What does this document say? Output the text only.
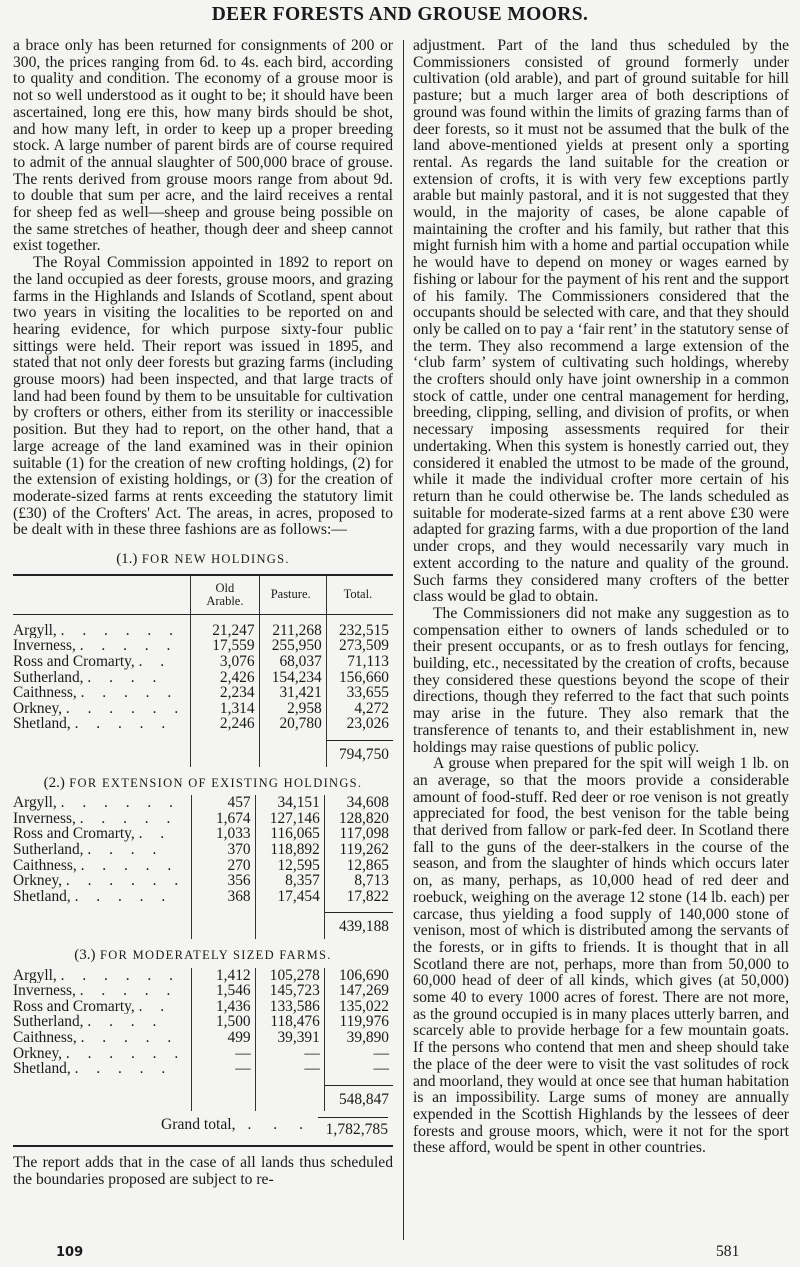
DEER FORESTS AND GROUSE MOORS.

a brace only has been returned for consignments of 200 or 300, the prices ranging from 6d. to 4s. each bird, according to quality and condition. The economy of a grouse moor is not so well understood as it ought to be; it should have been ascertained, long ere this, how many birds should be shot, and how many left, in order to keep up a proper breeding stock. A large number of parent birds are of course required to admit of the annual slaughter of 500,000 brace of grouse. The rents derived from grouse moors range from about 9d. to double that sum per acre, and the laird receives a rental for sheep fed as well—sheep and grouse being possible on the same stretches of heather, though deer and sheep cannot exist together.

The Royal Commission appointed in 1892 to report on the land occupied as deer forests, grouse moors, and grazing farms in the Highlands and Islands of Scotland, spent about two years in visiting the localities to be reported on and hearing evidence, for which purpose sixty-four public sittings were held. Their report was issued in 1895, and stated that not only deer forests but grazing farms (including grouse moors) had been inspected, and that large tracts of land had been found by them to be unsuitable for cultivation by crofters or others, either from its sterility or inaccessible position. But they had to report, on the other hand, that a large acreage of the land examined was in their opinion suitable (1) for the creation of new crofting holdings, (2) for the extension of existing holdings, or (3) for the creation of moderate-sized farms at rents exceeding the statutory limit (£30) of the Crofters' Act. The areas, in acres, proposed to be dealt with in these three fashions are as follows:—

(1.) FOR NEW HOLDINGS.

	Old Arable.	Pasture.	Total.

Argyll, . . . . . .	21,247	211,268	232,515
Inverness, . . . . .	17,559	255,950	273,509
Ross and Cromarty, . .	3,076	68,037	71,113
Sutherland, . . . .	2,426	154,234	156,660
Caithness, . . . . .	2,234	31,421	33,655
Orkney, . . . . . .	1,314	2,958	4,272
Shetland, . . . . .	2,246	20,780	23,026

			794,750

(2.) FOR EXTENSION OF EXISTING HOLDINGS.

Argyll, . . . . . .	457	34,151	34,608
Inverness, . . . . .	1,674	127,146	128,820
Ross and Cromarty, . .	1,033	116,065	117,098
Sutherland, . . . .	370	118,892	119,262
Caithness, . . . . .	270	12,595	12,865
Orkney, . . . . . .	356	8,357	8,713
Shetland, . . . . .	368	17,454	17,822

			439,188

(3.) FOR MODERATELY SIZED FARMS.

Argyll, . . . . . .	1,412	105,278	106,690
Inverness, . . . . .	1,546	145,723	147,269
Ross and Cromarty, . .	1,436	133,586	135,022
Sutherland, . . . .	1,500	118,476	119,976
Caithness, . . . . .	499	39,391	39,890
Orkney, . . . . . .	—	—	—
Shetland, . . . . .	—	—	—

			548,847
Grand total, . . . 1,782,785

The report adds that in the case of all lands thus scheduled the boundaries proposed are subject to re-

adjustment. Part of the land thus scheduled by the Commissioners consisted of ground formerly under cultivation (old arable), and part of ground suitable for hill pasture; but a much larger area of both descriptions of ground was found within the limits of grazing farms than of deer forests, so it must not be assumed that the bulk of the land above-mentioned yields at present only a sporting rental. As regards the land suitable for the creation or extension of crofts, it is with very few exceptions partly arable but mainly pastoral, and it is not suggested that they would, in the majority of cases, be alone capable of maintaining the crofter and his family, but rather that this might furnish him with a home and partial occupation while he would have to depend on money or wages earned by fishing or labour for the payment of his rent and the support of his family. The Commissioners considered that the occupants should be selected with care, and that they should only be called on to pay a ‘fair rent’ in the statutory sense of the term. They also recommend a large extension of the ‘club farm’ system of cultivating such holdings, whereby the crofters should only have joint ownership in a common stock of cattle, under one central management for herding, breeding, clipping, selling, and division of profits, or when necessary imposing assessments required for their undertaking. When this system is honestly carried out, they considered it enabled the utmost to be made of the ground, while it made the individual crofter more certain of his return than he could otherwise be. The lands scheduled as suitable for moderate-sized farms at a rent above £30 were adapted for grazing farms, with a due proportion of the land under crops, and they would necessarily vary much in extent according to the nature and quality of the ground. Such farms they considered many crofters of the better class would be glad to obtain.

The Commissioners did not make any suggestion as to compensation either to owners of lands scheduled or to their present occupants, or as to fresh outlays for fencing, building, etc., necessitated by the creation of crofts, because they considered these questions beyond the scope of their directions, though they referred to the fact that such points may arise in the future. They also remark that the transference of tenants to, and their establishment in, new holdings may raise questions of public policy.

A grouse when prepared for the spit will weigh 1 lb. on an average, so that the moors provide a considerable amount of food-stuff. Red deer or roe venison is not greatly appreciated for food, the best venison for the table being that derived from fallow or park-fed deer. In Scotland there fall to the guns of the deer-stalkers in the course of the season, and from the slaughter of hinds which occurs later on, as many, perhaps, as 10,000 head of red deer and roebuck, weighing on the average 12 stone (14 lb. each) per carcase, thus yielding a food supply of 140,000 stone of venison, most of which is distributed among the servants of the forests, or in gifts to friends. It is thought that in all Scotland there are not, perhaps, more than from 50,000 to 60,000 head of deer of all kinds, which gives (at 50,000) some 40 to every 1000 acres of forest. There are not more, as the ground occupied is in many places utterly barren, and scarcely able to provide herbage for a few mountain goats. If the persons who contend that men and sheep should take the place of the deer were to visit the vast solitudes of rock and moorland, they would at once see that human habitation is an impossibility. Large sums of money are annually expended in the Scottish Highlands by the lessees of deer forests and grouse moors, which, were it not for the sport these afford, would be spent in other countries.

109	581
